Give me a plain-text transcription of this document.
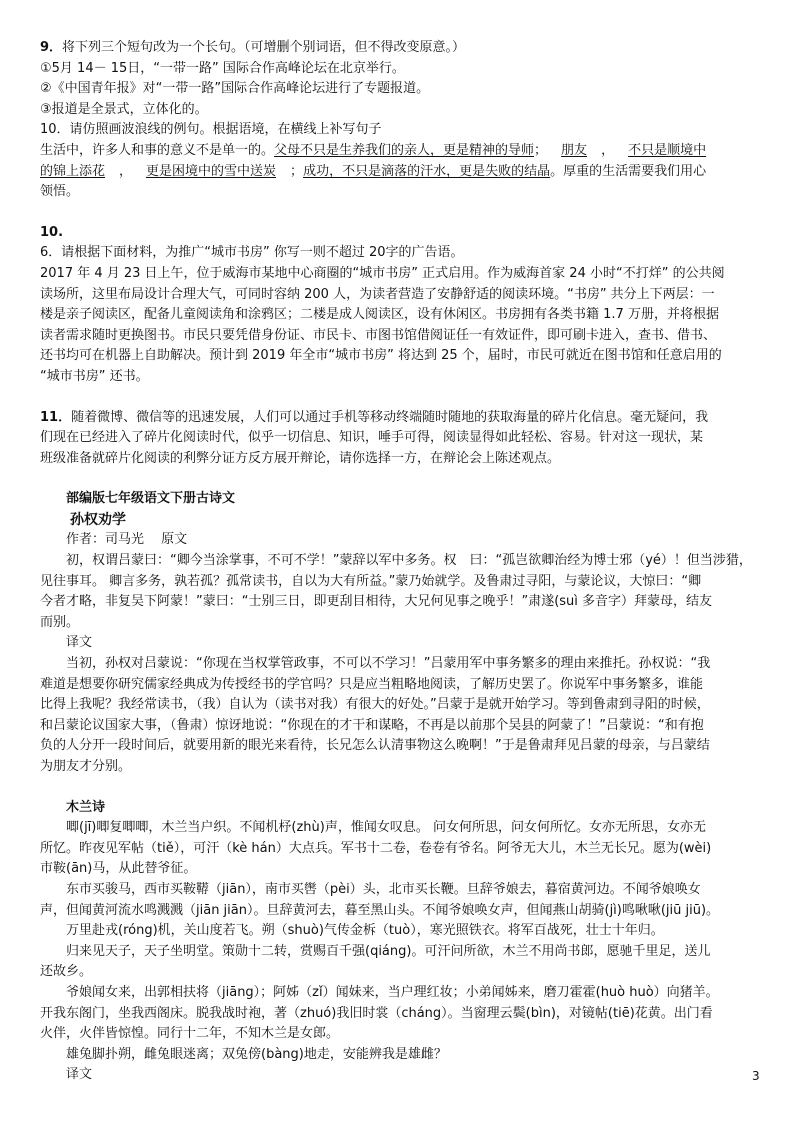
9．将下列三个短句改为一个长句。（可增删个别词语，但不得改变原意。）

①5月 14－ 15日，“一带一路” 国际合作高峰论坛在北京举行。

②《中国青年报》对“一带一路”国际合作高峰论坛进行了专题报道。

③报道是全景式，立体化的。

10．请仿照画波浪线的例句。根据语境，在横线上补写句子

生活中，许多人和事的意义不是单一的。父母不只是生养我们的亲人，更是精神的导师； 朋友 ， 不只是顺境中

的锦上添花 ， 更是困境中的雪中送炭 ；成功，不只是滴落的汗水，更是失败的结晶。厚重的生活需要我们用心

领悟。

10.

6．请根据下面材料，为推广“城市书房” 你写一则不超过 20字的广告语。

2017 年 4 月 23 日上午，位于威海市某地中心商圈的“城市书房” 正式启用。作为威海首家 24 小时“不打烊” 的公共阅

读场所，这里布局设计合理大气，可同时容纳 200 人，为读者营造了安静舒适的阅读环境。“书房” 共分上下两层：一

楼是亲子阅读区，配备儿童阅读角和涂鸦区；二楼是成人阅读区，设有休闲区。书房拥有各类书籍 1.7 万册，并将根据

读者需求随时更换图书。市民只要凭借身份证、市民卡、市图书馆借阅证任一有效证件，即可刷卡进入，查书、借书、

还书均可在机器上自助解决。预计到 2019 年全市“城市书房” 将达到 25 个，届时，市民可就近在图书馆和任意启用的

“城市书房” 还书。

11．随着微博、微信等的迅速发展，人们可以通过手机等移动终端随时随地的获取海量的碎片化信息。毫无疑问，我

们现在已经进入了碎片化阅读时代，似乎一切信息、知识，唾手可得，阅读显得如此轻松、容易。针对这一现状，某

班级准备就碎片化阅读的利弊分证方反方展开辩论，请你选择一方，在辩论会上陈述观点。

部编版七年级语文下册古诗文

孙权劝学

作者：司马光　 原文

初，权谓吕蒙曰：“卿今当涂掌事，不可不学！”蒙辞以军中多务。权　曰：“孤岂欲卿治经为博士邪（yé）！但当涉猎，

见往事耳。 卿言多务，孰若孤？孤常读书，自以为大有所益。”蒙乃始就学。及鲁肃过寻阳，与蒙论议，大惊曰：“卿

今者才略，非复吴下阿蒙！”蒙曰：“士别三日，即更刮目相待，大兄何见事之晚乎！”肃遂(suì 多音字）拜蒙母，结友

而别。

译文

当初，孙权对吕蒙说：“你现在当权掌管政事，不可以不学习！”吕蒙用军中事务繁多的理由来推托。孙权说：“我

难道是想要你研究儒家经典成为传授经书的学官吗？只是应当粗略地阅读，了解历史罢了。你说军中事务繁多，谁能

比得上我呢？我经常读书，（我）自认为（读书对我）有很大的好处。”吕蒙于是就开始学习。等到鲁肃到寻阳的时候，

和吕蒙论议国家大事，（鲁肃）惊讶地说：“你现在的才干和谋略，不再是以前那个吴县的阿蒙了！”吕蒙说：“和有抱

负的人分开一段时间后，就要用新的眼光来看待，长兄怎么认清事物这么晚啊！”于是鲁肃拜见吕蒙的母亲，与吕蒙结

为朋友才分别。

木兰诗

唧(jī)唧复唧唧，木兰当户织。不闻机杼(zhù)声，惟闻女叹息。 问女何所思，问女何所忆。女亦无所思，女亦无

所忆。昨夜见军帖（tiě），可汗（kè hán）大点兵。军书十二卷，卷卷有爷名。阿爷无大儿，木兰无长兄。愿为(wèi)

市鞍(ān)马，从此替爷征。

东市买骏马，西市买鞍鞯（jiān），南市买辔（pèi）头，北市买长鞭。旦辞爷娘去，暮宿黄河边。不闻爷娘唤女

声，但闻黄河流水鸣溅溅（jiān jiān）。旦辞黄河去，暮至黑山头。不闻爷娘唤女声，但闻燕山胡骑(jì)鸣啾啾(jiū jiū)。

万里赴戎(róng)机，关山度若飞。朔（shuò)气传金柝（tuò），寒光照铁衣。将军百战死，壮士十年归。

归来见天子，天子坐明堂。策勋十二转，赏赐百千强(qiáng)。可汗问所欲，木兰不用尚书郎，愿驰千里足，送儿

还故乡。

爷娘闻女来，出郭相扶将（jiāng）；阿姊（zǐ）闻妹来，当户理红妆；小弟闻姊来，磨刀霍霍(huò huò）向猪羊。

开我东阁门，坐我西阁床。脱我战时袍，著（zhuó)我旧时裳（cháng）。当窗理云鬓(bìn)，对镜帖(tiē)花黄。出门看

火伴，火伴皆惊惶。同行十二年，不知木兰是女郎。

雄兔脚扑朔，雌兔眼迷离；双兔傍(bàng)地走，安能辨我是雄雌？

译文	3
